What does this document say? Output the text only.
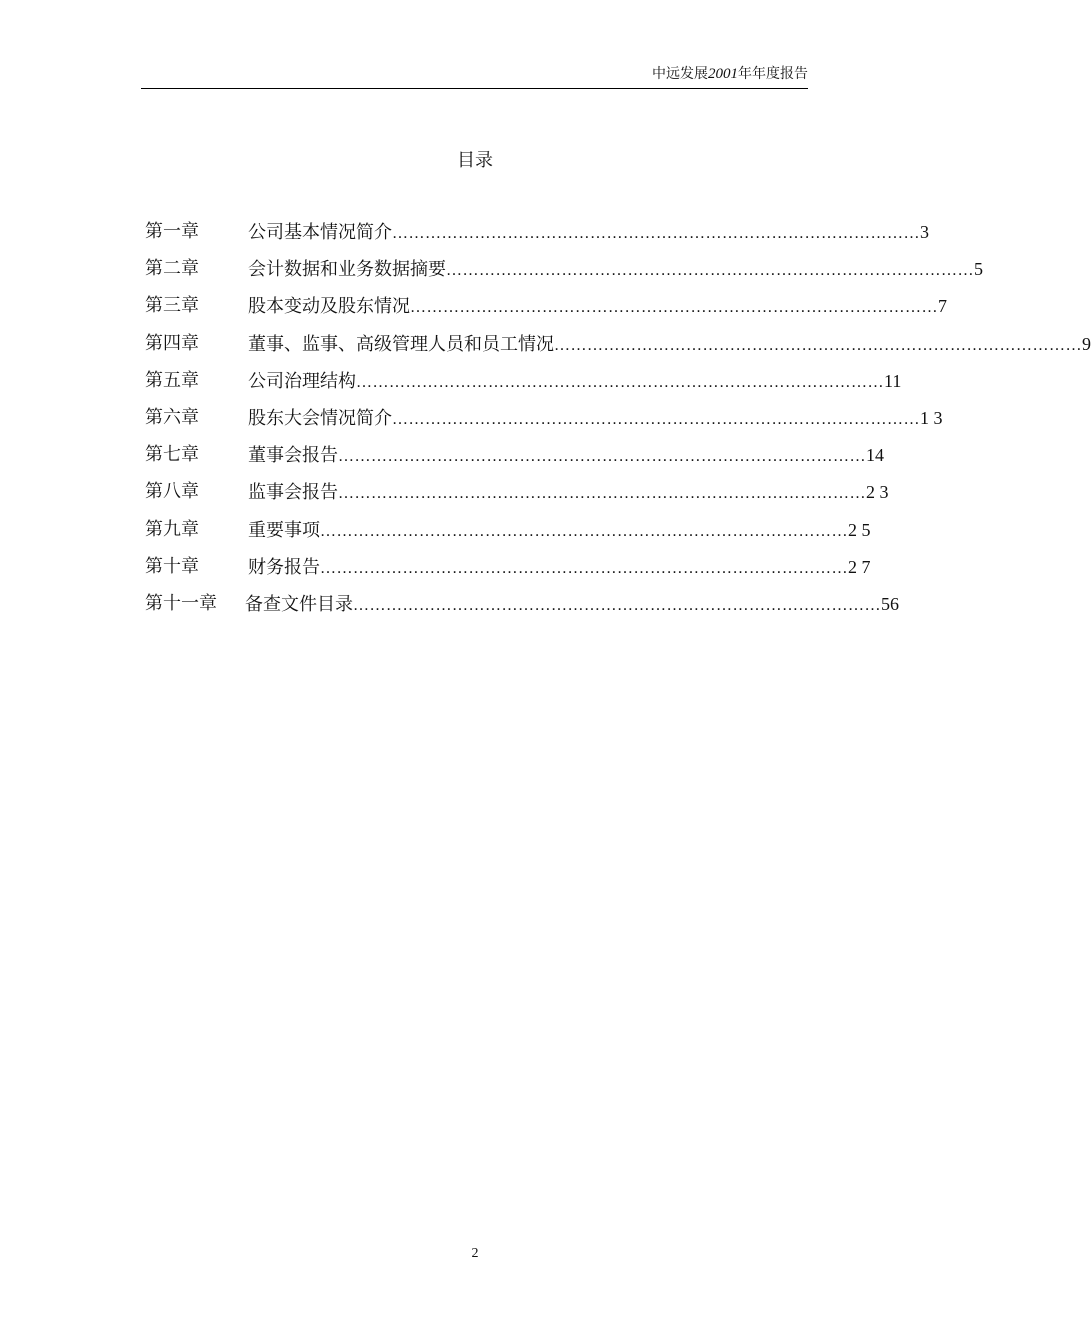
中远发展2001年年度报告
目录
第一章	公司基本情况简介 …………………………………………………………………………………… 3
第二章	会计数据和业务数据摘要 …………………………………………………………………………………… 5
第三章	股本变动及股东情况 …………………………………………………………………………………… 7
第四章	董事、监事、高级管理人员和员工情况 …………………………………………………………………………………… 9
第五章	公司治理结构 …………………………………………………………………………………… 11
第六章	股东大会情况简介 …………………………………………………………………………………… 1 3
第七章	董事会报告 …………………………………………………………………………………… 14
第八章	监事会报告 …………………………………………………………………………………… 2 3
第九章	重要事项 …………………………………………………………………………………… 2 5
第十章	财务报告 …………………………………………………………………………………… 2 7
第十一章 备查文件目录 …………………………………………………………………………………… 56
2
